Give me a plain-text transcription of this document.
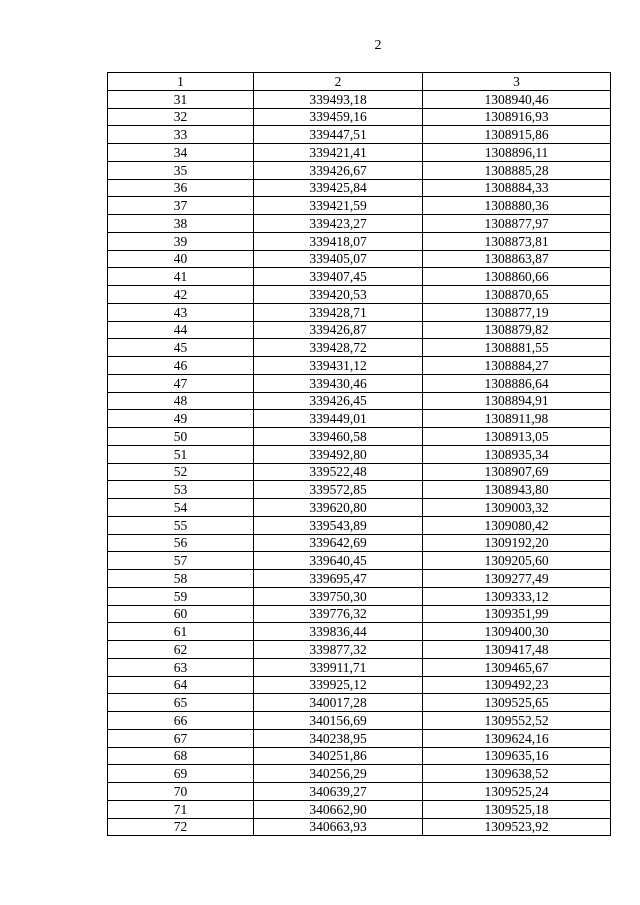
2
1	2	3
31	339493,18	1308940,46
32	339459,16	1308916,93
33	339447,51	1308915,86
34	339421,41	1308896,11
35	339426,67	1308885,28
36	339425,84	1308884,33
37	339421,59	1308880,36
38	339423,27	1308877,97
39	339418,07	1308873,81
40	339405,07	1308863,87
41	339407,45	1308860,66
42	339420,53	1308870,65
43	339428,71	1308877,19
44	339426,87	1308879,82
45	339428,72	1308881,55
46	339431,12	1308884,27
47	339430,46	1308886,64
48	339426,45	1308894,91
49	339449,01	1308911,98
50	339460,58	1308913,05
51	339492,80	1308935,34
52	339522,48	1308907,69
53	339572,85	1308943,80
54	339620,80	1309003,32
55	339543,89	1309080,42
56	339642,69	1309192,20
57	339640,45	1309205,60
58	339695,47	1309277,49
59	339750,30	1309333,12
60	339776,32	1309351,99
61	339836,44	1309400,30
62	339877,32	1309417,48
63	339911,71	1309465,67
64	339925,12	1309492,23
65	340017,28	1309525,65
66	340156,69	1309552,52
67	340238,95	1309624,16
68	340251,86	1309635,16
69	340256,29	1309638,52
70	340639,27	1309525,24
71	340662,90	1309525,18
72	340663,93	1309523,92
